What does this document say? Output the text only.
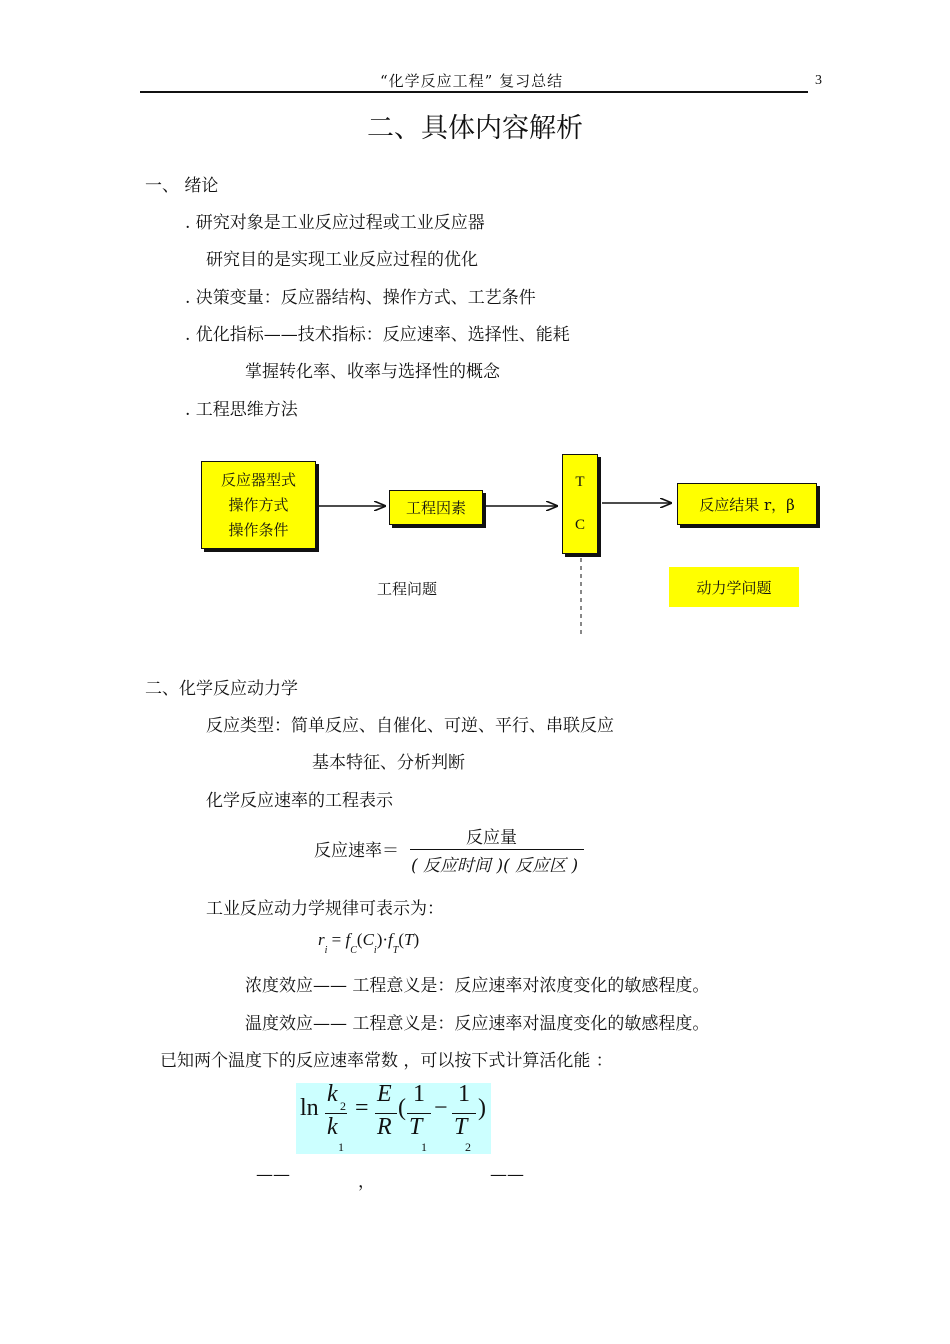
“化学反应工程” 复习总结	3
二、具体内容解析
一、 绪论
. 研究对象是工业反应过程或工业反应器
研究目的是实现工业反应过程的优化
. 决策变量：反应器结构、操作方式、工艺条件
. 优化指标——技术指标：反应速率、选择性、能耗
掌握转化率、收率与选择性的概念
. 工程思维方法
反应器型式
操作方式
操作条件
工程因素
T
C
反应结果 r，β
工程问题	动力学问题
二、化学反应动力学
反应类型：简单反应、自催化、可逆、平行、串联反应
基本特征、分析判断
化学反应速率的工程表示
反应速率＝
反应量
( 反应时间 )( 反应区 )
工业反应动力学规律可表示为：
$r_i = f_C(C_i)\cdot f_T(T)$
浓度效应—— 工程意义是：反应速率对浓度变化的敏感程度。
温度效应—— 工程意义是：反应速率对温度变化的敏感程度。
已知两个温度下的反应速率常数 ，可以按下式计算活化能 ：
ln
k 2
k
1
=
E
R
(
1
T
1
−
1
T
2
)
——	，	——
